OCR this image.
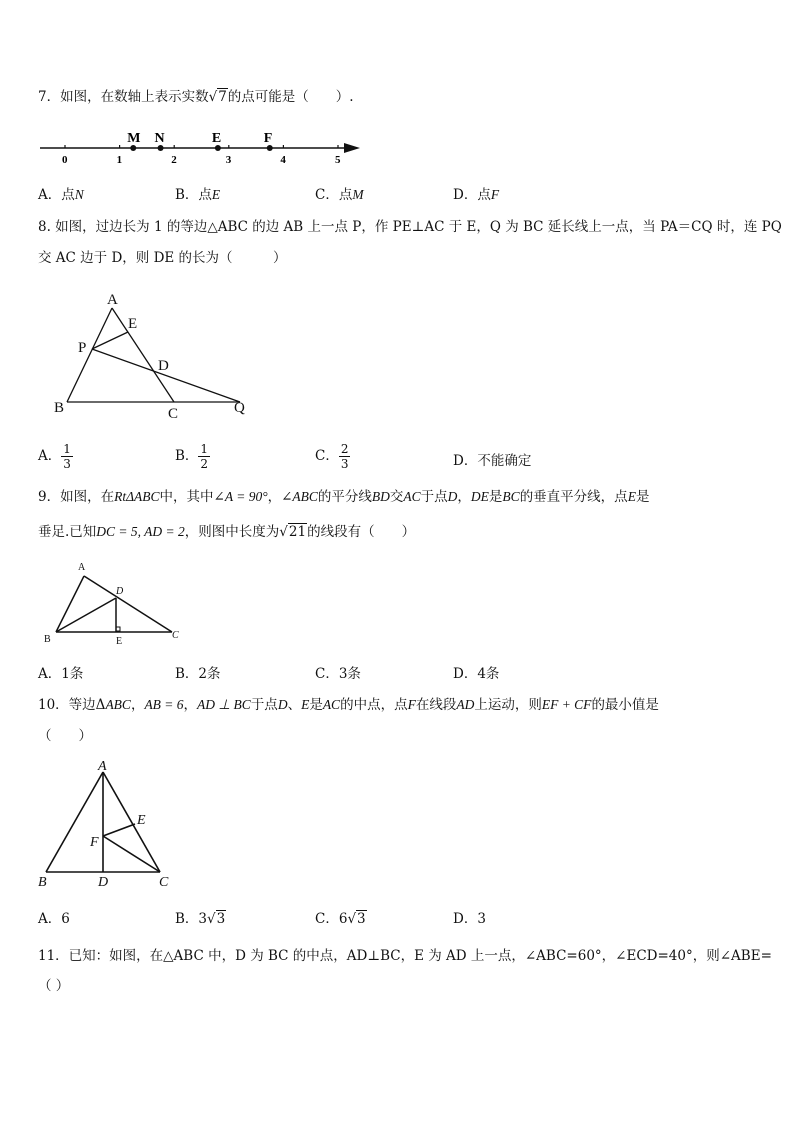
7．如图，在数轴上表示实数√7的点可能是（　　）.
0	1	2	3	4	5
M N	E	F
A．点N	B．点E	C．点M	D．点F
8. 如图，过边长为 1 的等边△ABC 的边 AB 上一点 P，作 PE⊥AC 于 E，Q 为 BC 延长线上一点，当 PA＝CQ 时，连 PQ
交 AC 边于 D，则 DE 的长为（　　　）
A
E
P
D
B	C	Q
A． $\frac{1}{3}$	B． $\frac{1}{2}$	C． $\frac{2}{3}$	D．不能确定
9．如图，在RtΔABC中，其中∠A = 90°，∠ABC的平分线BD交AC于点D，DE是BC的垂直平分线，点E是
垂足.已知DC = 5, AD = 2，则图中长度为√21的线段有（　　）
A
D
B	E
C
A．1条	B．2条	C．3条	D．4条
10．等边ΔABC，AB = 6，AD ⊥ BC于点D、E是AC的中点，点F在线段AD上运动，则EF + CF的最小值是
（　　）
A
E
F
B	D	C
A．6	B．3√3	C．6√3	D．3
11．已知：如图，在△ABC 中，D 为 BC 的中点，AD⊥BC，E 为 AD 上一点，∠ABC=60°，∠ECD=40°，则∠ABE=
（ ）
